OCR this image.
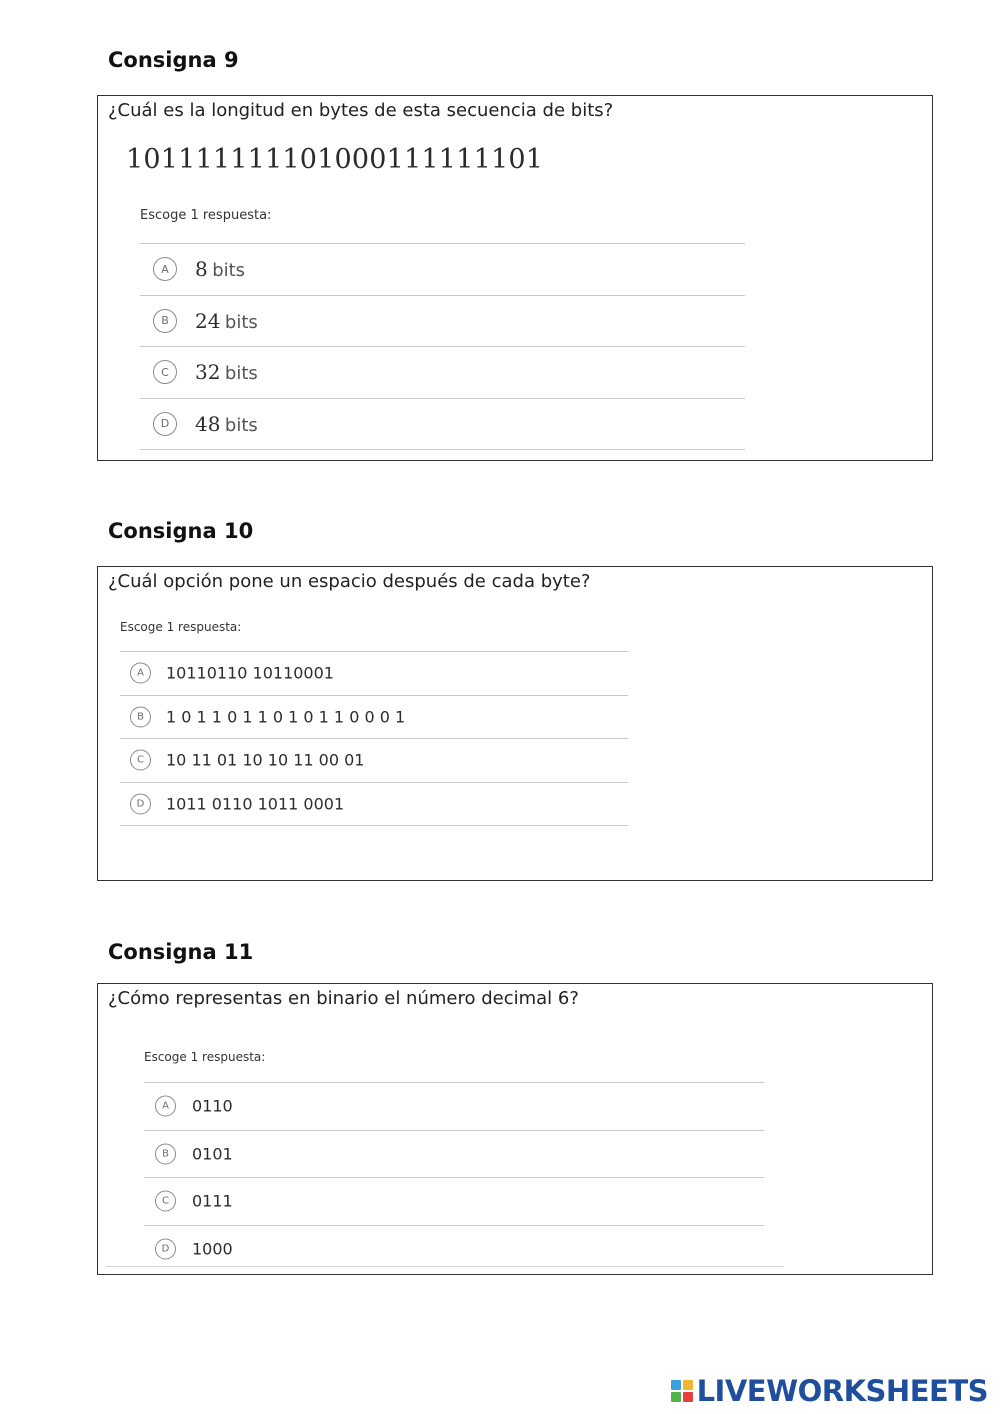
Consigna 9
¿Cuál es la longitud en bytes de esta secuencia de bits?
101111111101000111111101
Escoge 1 respuesta:
A	8 bits
B	24 bits
C	32 bits
D	48 bits
Consigna 10
¿Cuál opción pone un espacio después de cada byte?
Escoge 1 respuesta:
A	10110110 10110001
B	1 0 1 1 0 1 1 0 1 0 1 1 0 0 0 1
C	10 11 01 10 10 11 00 01
D	1011 0110 1011 0001
Consigna 11
¿Cómo representas en binario el número decimal 6?
Escoge 1 respuesta:
A	0110
B	0101
C	0111
D	1000
LIVEWORKSHEETS
